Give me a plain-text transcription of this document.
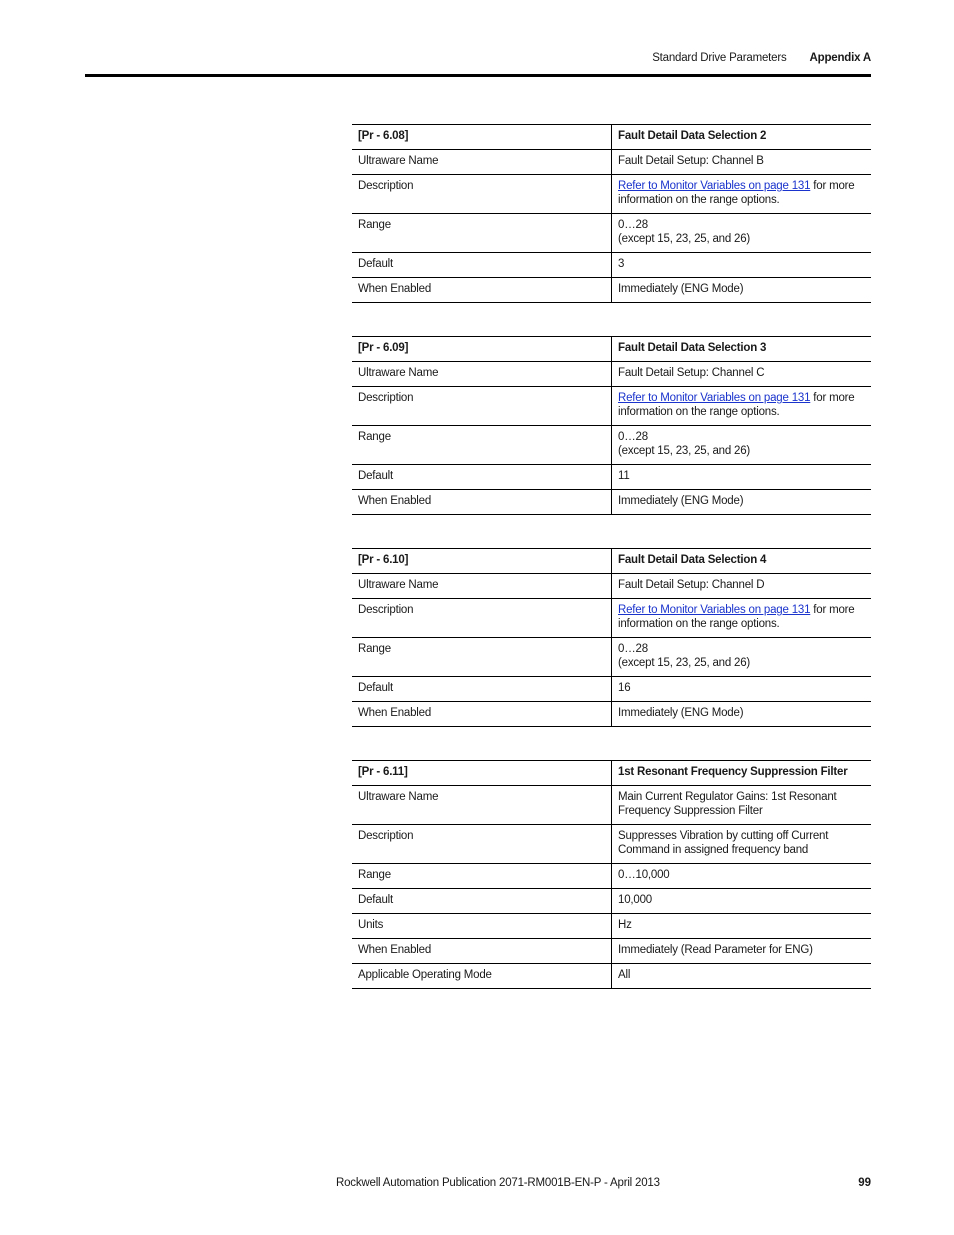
Standard Drive Parameters Appendix A
[Pr - 6.08]	Fault Detail Data Selection 2
Ultraware Name	Fault Detail Setup: Channel B
Description	Refer to Monitor Variables on page 131 for more information on the range options.
Range	0…28
(except 15, 23, 25, and 26)

Default	3
When Enabled	Immediately (ENG Mode)
[Pr - 6.09]	Fault Detail Data Selection 3
Ultraware Name	Fault Detail Setup: Channel C
Description	Refer to Monitor Variables on page 131 for more information on the range options.
Range	0…28
(except 15, 23, 25, and 26)

Default	11
When Enabled	Immediately (ENG Mode)
[Pr - 6.10]	Fault Detail Data Selection 4
Ultraware Name	Fault Detail Setup: Channel D
Description	Refer to Monitor Variables on page 131 for more information on the range options.
Range	0…28
(except 15, 23, 25, and 26)

Default	16
When Enabled	Immediately (ENG Mode)
[Pr - 6.11]	1st Resonant Frequency Suppression Filter
Ultraware Name	Main Current Regulator Gains: 1st Resonant Frequency Suppression Filter
Description	Suppresses Vibration by cutting off Current Command in assigned frequency band
Range	0…10,000
Default	10,000
Units	Hz
When Enabled	Immediately (Read Parameter for ENG)
Applicable Operating Mode	All
Rockwell Automation Publication 2071-RM001B-EN-P - April 2013	99
